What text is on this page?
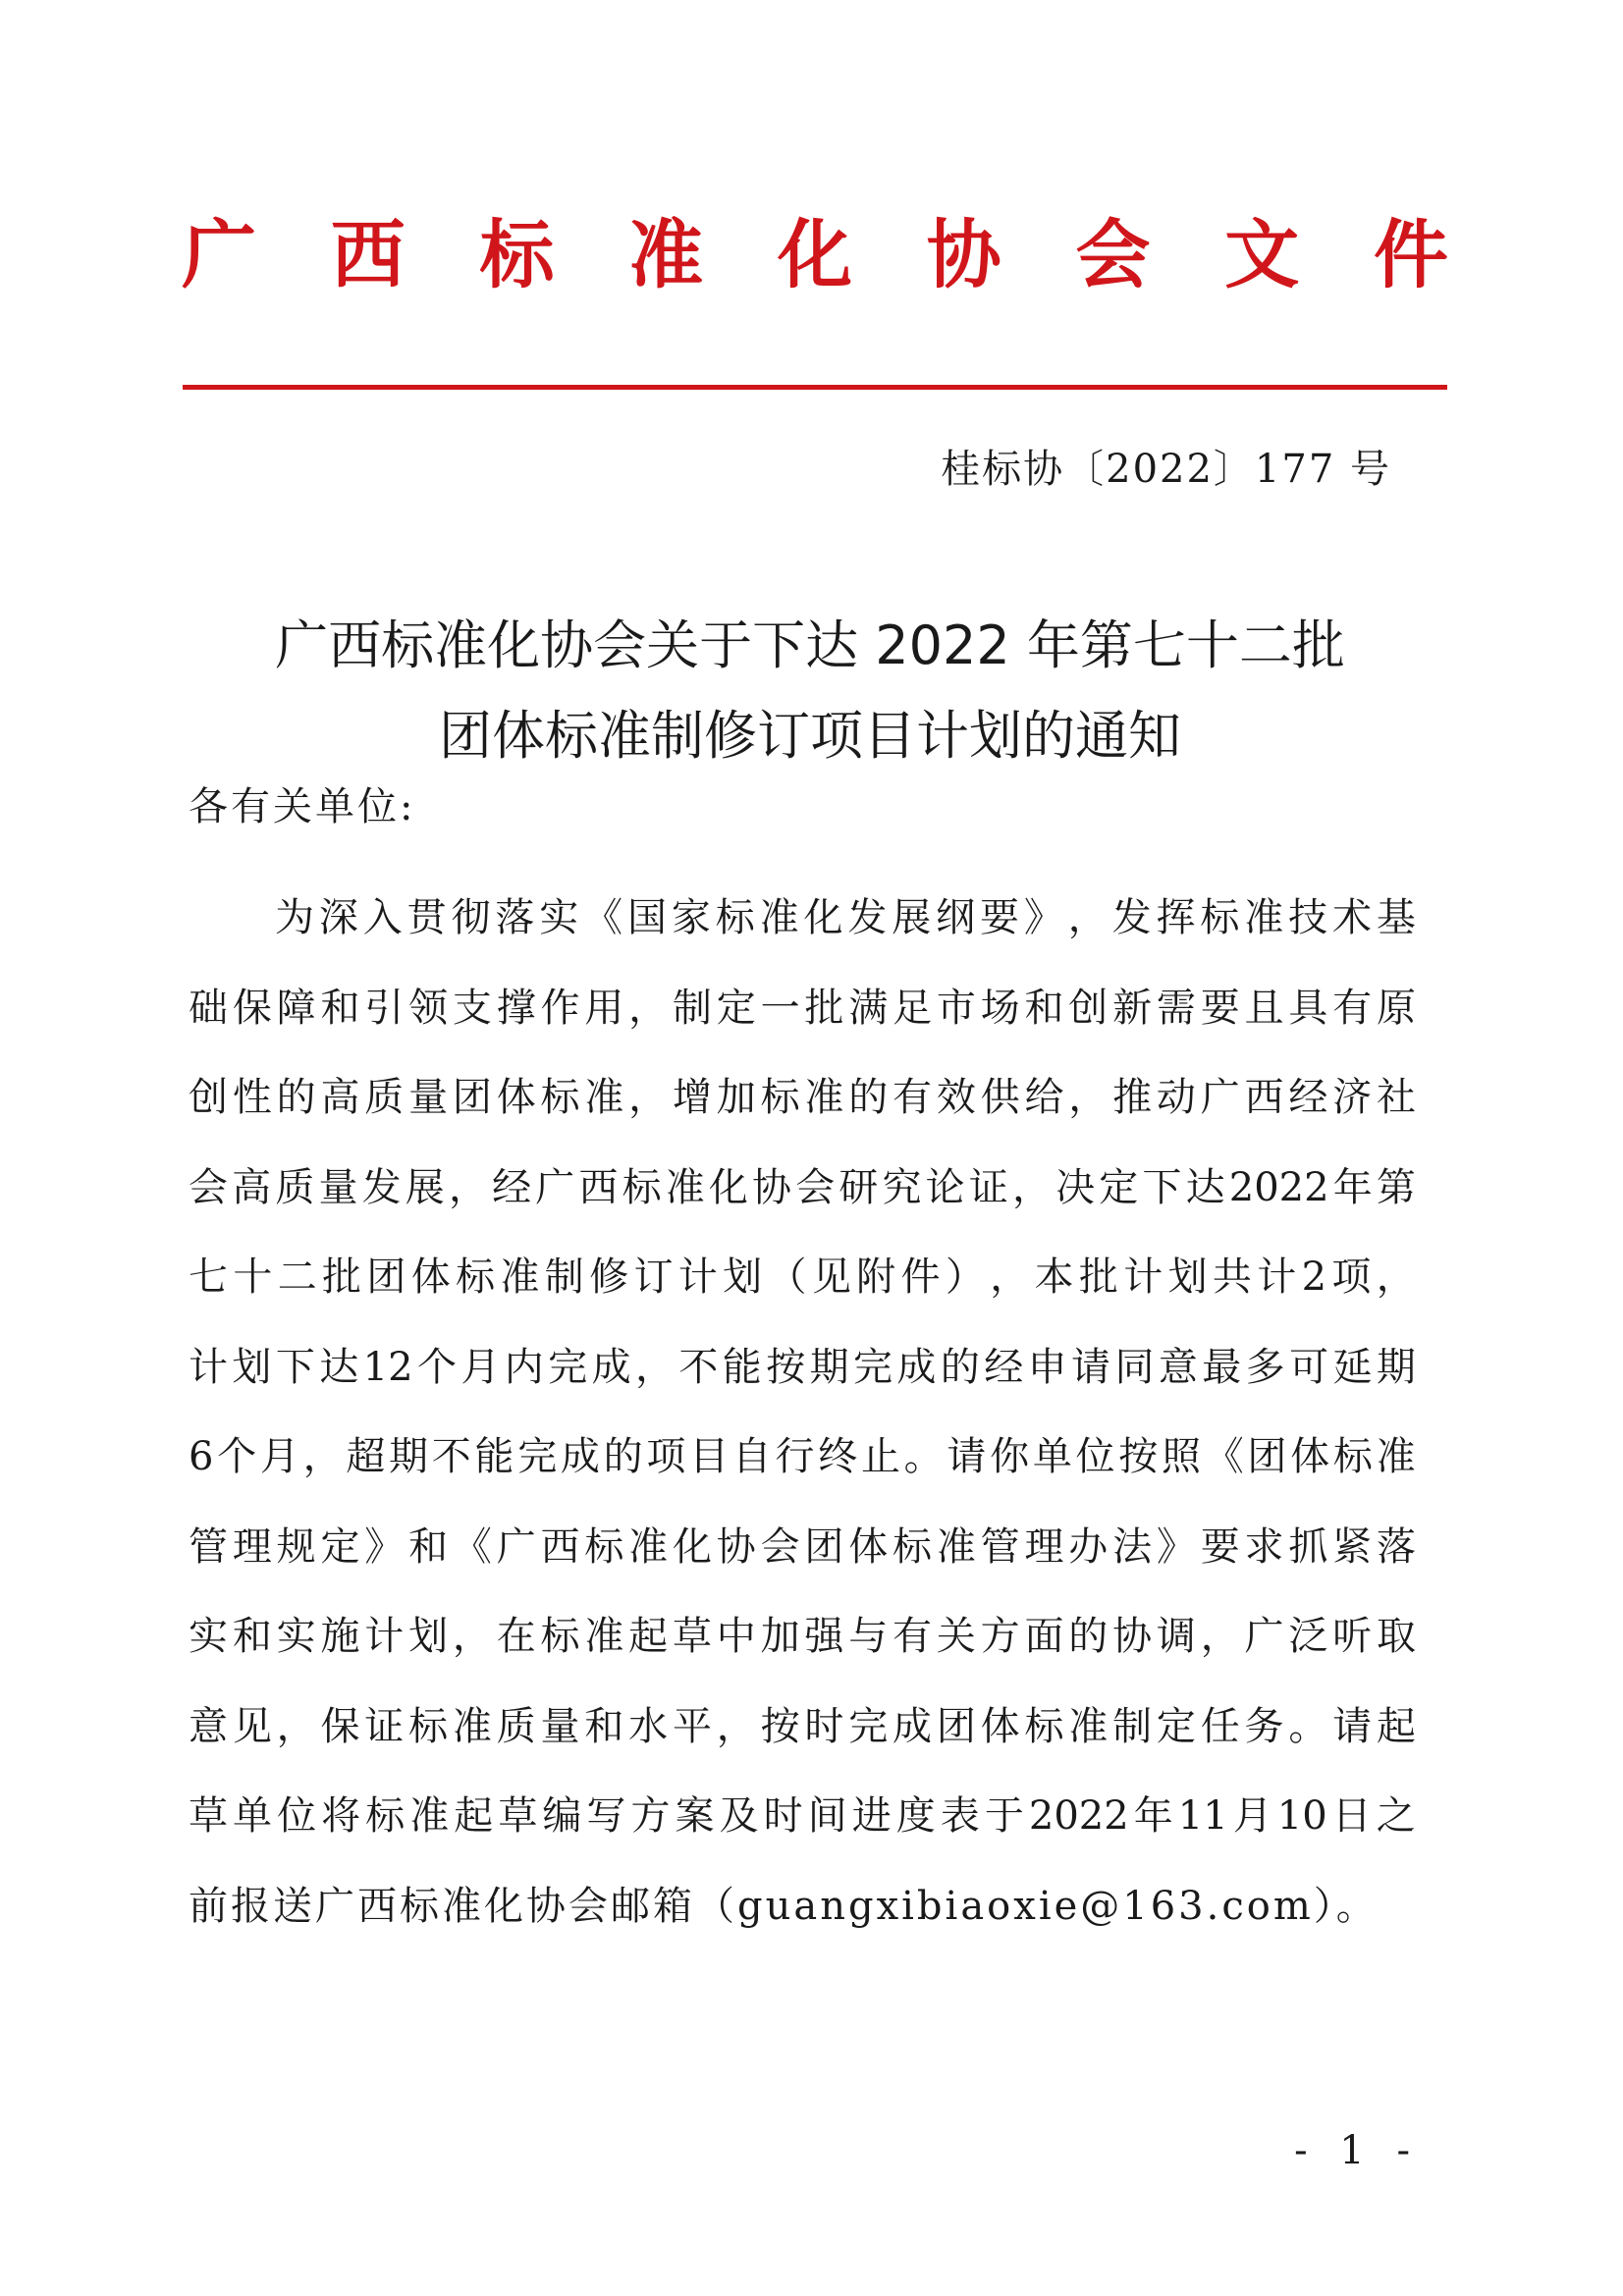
广 西 标 准 化 协 会 文 件
桂标协〔2022〕177 号
广西标准化协会关于下达 2022 年第七十二批
团体标准制修订项目计划的通知
各有关单位:
为 深 入 贯 彻 落 实 《 国 家 标 准 化 发 展 纲 要 》 ， 发 挥 标 准 技 术 基
础 保 障 和 引 领 支 撑 作 用 ， 制 定 一 批 满 足 市 场 和 创 新 需 要 且 具 有 原
创 性 的 高 质 量 团 体 标 准 ， 增 加 标 准 的 有 效 供 给 ， 推 动 广 西 经 济 社
会 高 质 量 发 展 ， 经 广 西 标 准 化 协 会 研 究 论 证 ， 决 定 下 达 2022 年 第
七 十 二 批 团 体 标 准 制 修 订 计 划 （ 见 附 件 ） ， 本 批 计 划 共 计 2 项 ，
计 划 下 达 12 个 月 内 完 成 ， 不 能 按 期 完 成 的 经 申 请 同 意 最 多 可 延 期
6 个 月 ， 超 期 不 能 完 成 的 项 目 自 行 终 止 。 请 你 单 位 按 照 《 团 体 标 准
管 理 规 定 》 和 《 广 西 标 准 化 协 会 团 体 标 准 管 理 办 法 》 要 求 抓 紧 落
实 和 实 施 计 划 ， 在 标 准 起 草 中 加 强 与 有 关 方 面 的 协 调 ， 广 泛 听 取
意 见 ， 保 证 标 准 质 量 和 水 平 ， 按 时 完 成 团 体 标 准 制 定 任 务 。 请 起
草 单 位 将 标 准 起 草 编 写 方 案 及 时 间 进 度 表 于 2022 年 11 月 10 日 之
前报送广西标准化协会邮箱（guangxibiaoxie@163.com）。
- 1 -
